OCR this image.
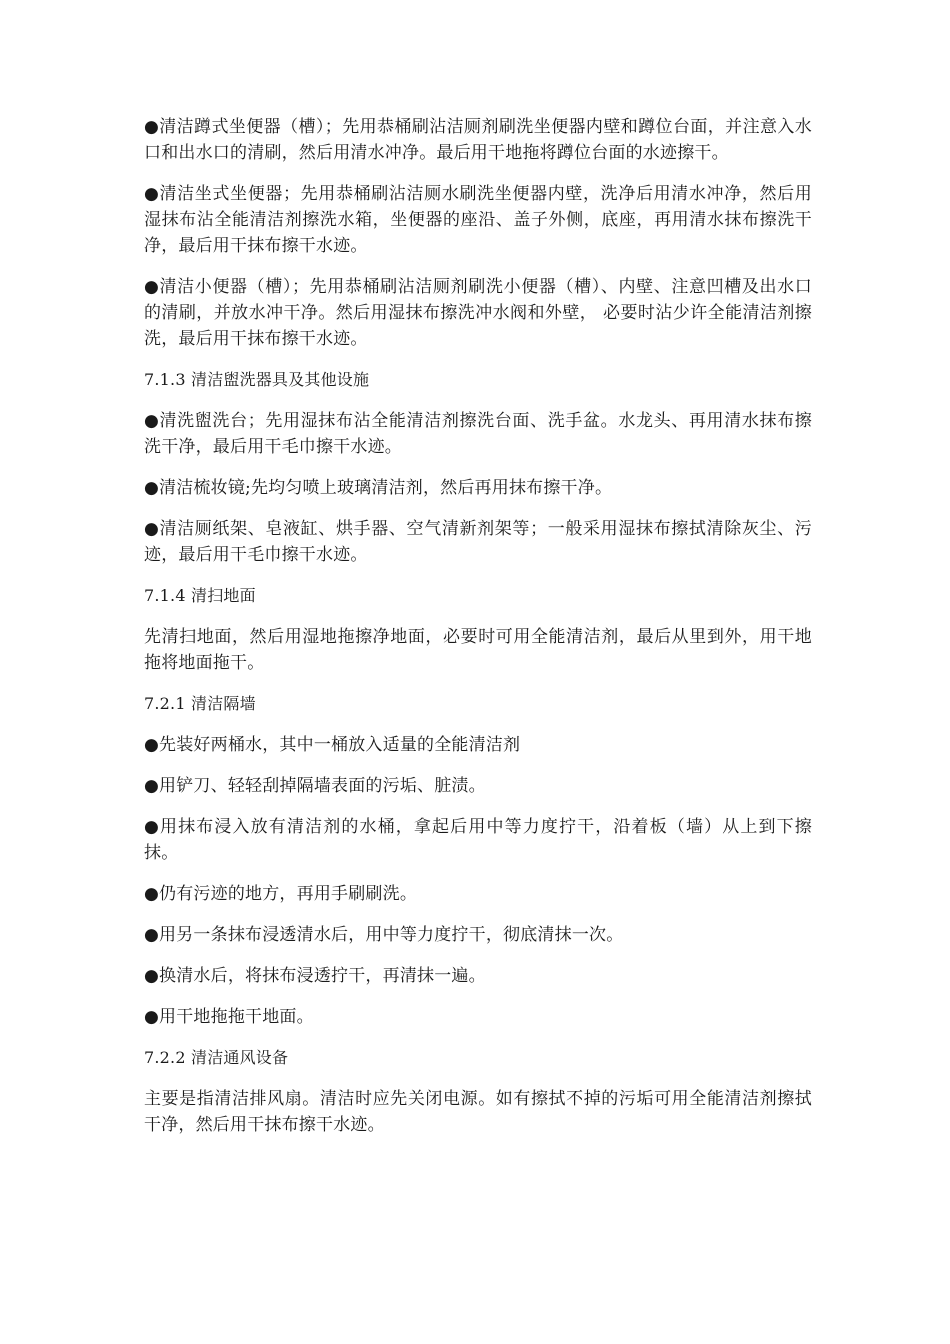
●清洁蹲式坐便器（槽）；先用恭桶刷沾洁厕剂刷洗坐便器内壁和蹲位台面，并注意入水口和出水口的清刷，然后用清水冲净。最后用干地拖将蹲位台面的水迹擦干。

●清洁坐式坐便器；先用恭桶刷沾洁厕水刷洗坐便器内壁，洗净后用清水冲净，然后用湿抹布沾全能清洁剂擦洗水箱，坐便器的座沿、盖子外侧，底座，再用清水抹布擦洗干净，最后用干抹布擦干水迹。

●清洁小便器（槽）；先用恭桶刷沾洁厕剂刷洗小便器（槽）、内壁、注意凹槽及出水口的清刷，并放水冲干净。然后用湿抹布擦洗冲水阀和外壁， 必要时沾少许全能清洁剂擦洗，最后用干抹布擦干水迹。

7.1.3 清洁盥洗器具及其他设施

●清洗盥洗台；先用湿抹布沾全能清洁剂擦洗台面、洗手盆。水龙头、再用清水抹布擦洗干净，最后用干毛巾擦干水迹。

●清洁梳妆镜;先均匀喷上玻璃清洁剂，然后再用抹布擦干净。

●清洁厕纸架、皂液缸、烘手器、空气清新剂架等；一般采用湿抹布擦拭清除灰尘、污迹，最后用干毛巾擦干水迹。

7.1.4 清扫地面

先清扫地面，然后用湿地拖擦净地面，必要时可用全能清洁剂，最后从里到外，用干地拖将地面拖干。

7.2.1 清洁隔墙

●先装好两桶水，其中一桶放入适量的全能清洁剂

●用铲刀、轻轻刮掉隔墙表面的污垢、脏渍。

●用抹布浸入放有清洁剂的水桶，拿起后用中等力度拧干，沿着板（墙）从上到下擦抹。

●仍有污迹的地方，再用手刷刷洗。

●用另一条抹布浸透清水后，用中等力度拧干，彻底清抹一次。

●换清水后，将抹布浸透拧干，再清抹一遍。

●用干地拖拖干地面。

7.2.2 清洁通风设备

主要是指清洁排风扇。清洁时应先关闭电源。如有擦拭不掉的污垢可用全能清洁剂擦拭干净，然后用干抹布擦干水迹。
